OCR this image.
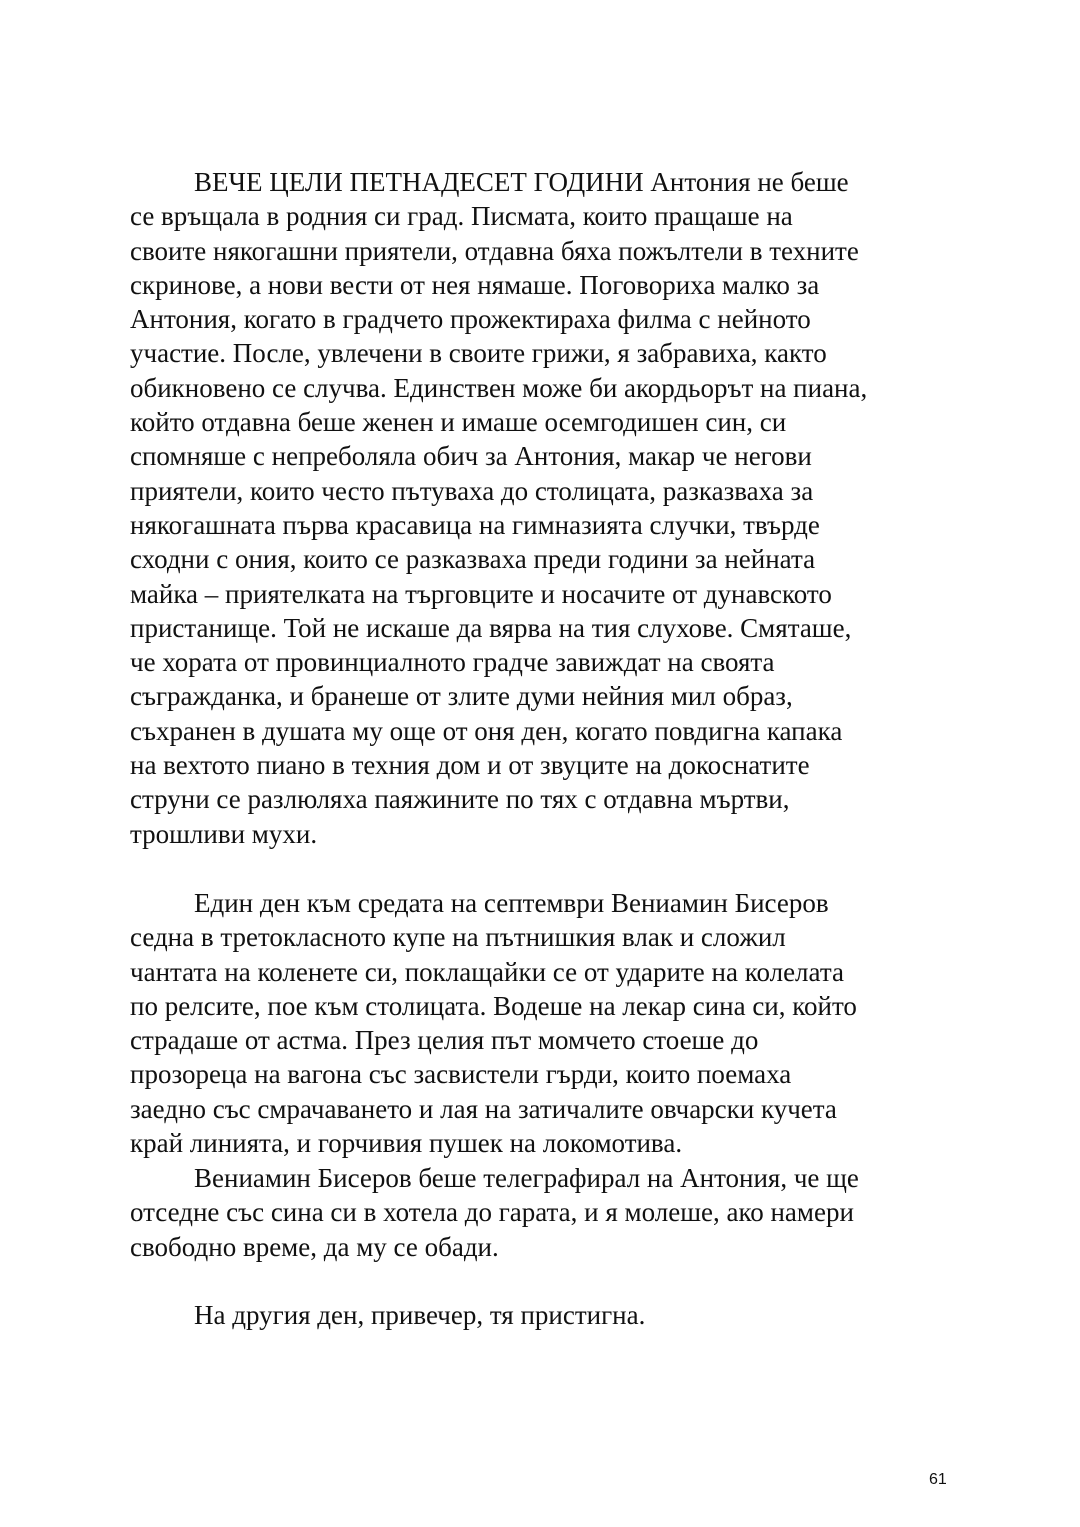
ВЕЧЕ ЦЕЛИ ПЕТНАДЕСЕТ ГОДИНИ Антония не беше
се връщала в родния си град. Писмата, които пращаше на
своите някогашни приятели, отдавна бяха пожълтели в техните
скринове, а нови вести от нея нямаше. Поговориха малко за
Антония, когато в градчето прожектираха филма с нейното
участие. После, увлечени в своите грижи, я забравиха, както
обикновено се случва. Единствен може би акордьорът на пиана,
който отдавна беше женен и имаше осемгодишен син, си
спомняше с непреболяла обич за Антония, макар че негови
приятели, които често пътуваха до столицата, разказваха за
някогашната първа красавица на гимназията случки, твърде
сходни с ония, които се разказваха преди години за нейната
майка – приятелката на търговците и носачите от дунавското
пристанище. Той не искаше да вярва на тия слухове. Смяташе,
че хората от провинциалното градче завиждат на своята
съгражданка, и бранеше от злите думи нейния мил образ,
съхранен в душата му още от оня ден, когато повдигна капака
на вехтото пиано в техния дом и от звуците на докоснатите
струни се разлюляха паяжините по тях с отдавна мъртви,
трошливи мухи.
Един ден към средата на септември Вениамин Бисеров
седна в третокласното купе на пътнишкия влак и сложил
чантата на коленете си, поклащайки се от ударите на колелата
по релсите, пое към столицата. Водеше на лекар сина си, който
страдаше от астма. През целия път момчето стоеше до
прозореца на вагона със засвистели гърди, които поемаха
заедно със смрачаването и лая на затичалите овчарски кучета
край линията, и горчивия пушек на локомотива.
Вениамин Бисеров беше телеграфирал на Антония, че ще
отседне със сина си в хотела до гарата, и я молеше, ако намери
свободно време, да му се обади.
На другия ден, привечер, тя пристигна.
61
